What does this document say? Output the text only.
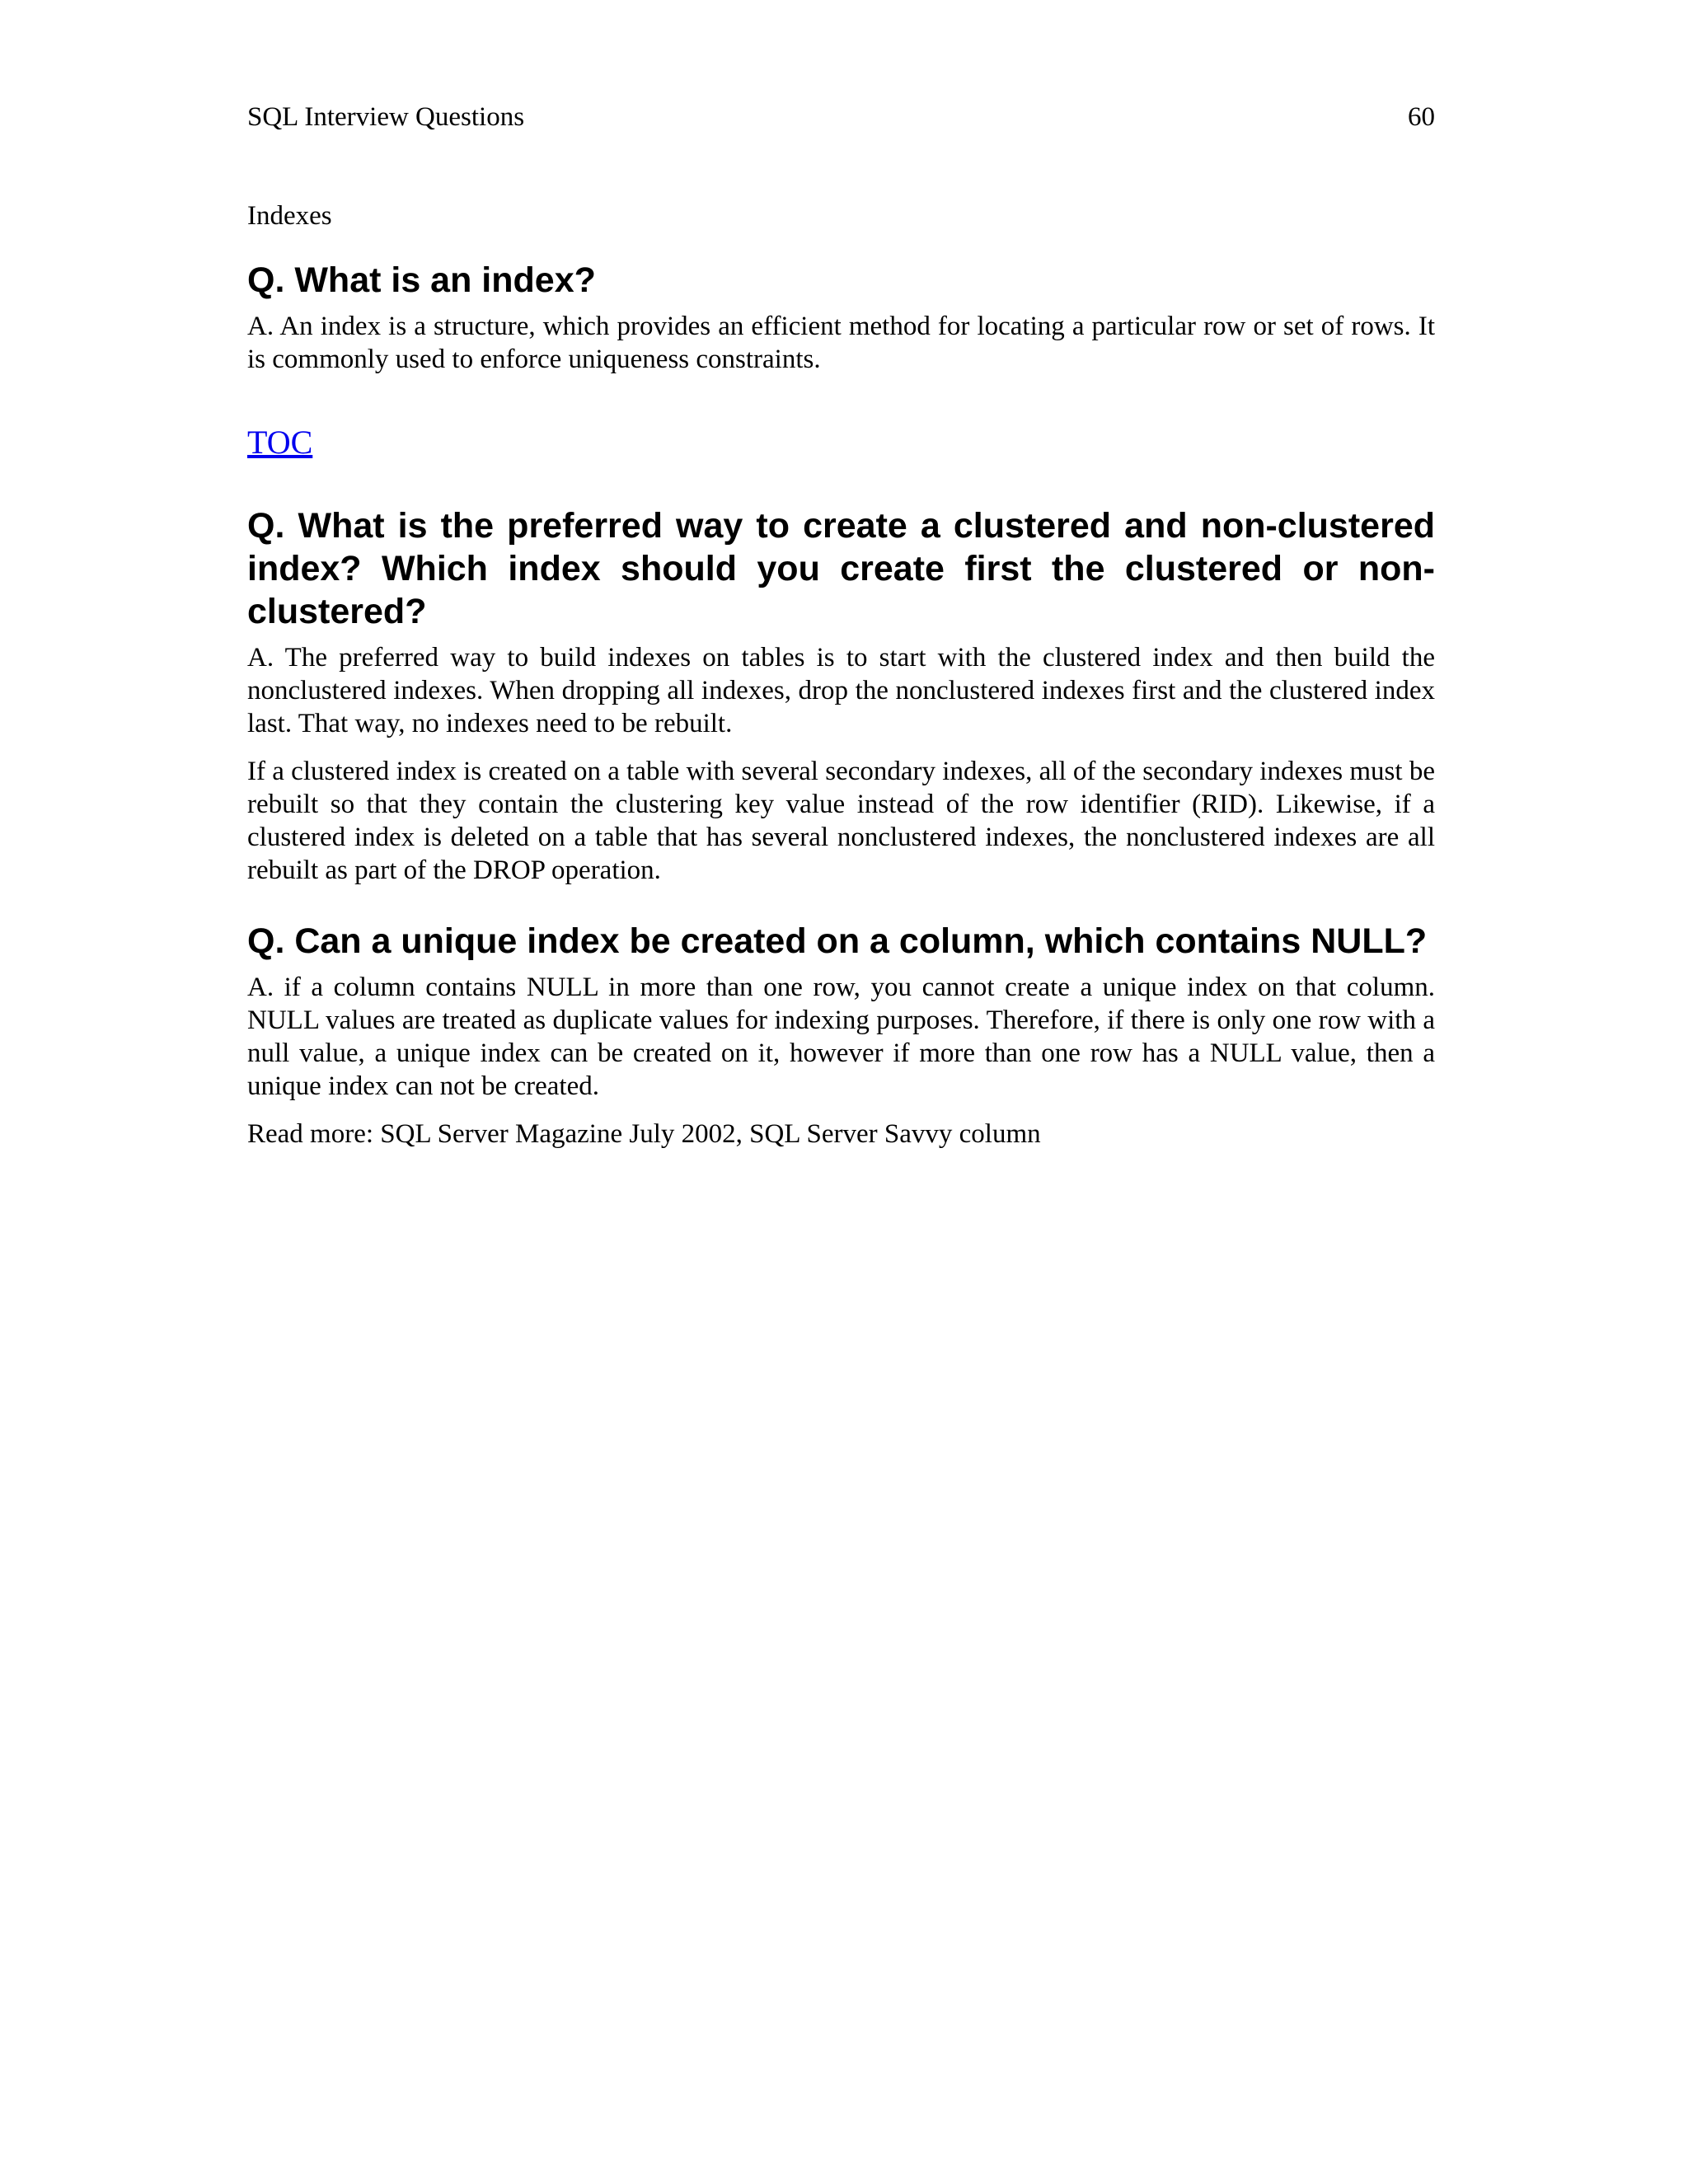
SQL Interview Questions	60
Indexes
Q. What is an index?

A. An index is a structure, which provides an efficient method for locating a particular row or set of rows. It is commonly used to enforce uniqueness constraints.

TOC
Q. What is the preferred way to create a clustered and non-clustered index? Which index should you create first the clustered or non-clustered?

A. The preferred way to build indexes on tables is to start with the clustered index and then build the nonclustered indexes. When dropping all indexes, drop the nonclustered indexes first and the clustered index last. That way, no indexes need to be rebuilt.

If a clustered index is created on a table with several secondary indexes, all of the secondary indexes must be rebuilt so that they contain the clustering key value instead of the row identifier (RID). Likewise, if a clustered index is deleted on a table that has several nonclustered indexes, the nonclustered indexes are all rebuilt as part of the DROP operation.

Q. Can a unique index be created on a column, which contains NULL?

A. if a column contains NULL in more than one row, you cannot create a unique index on that column. NULL values are treated as duplicate values for indexing purposes. Therefore, if there is only one row with a null value, a unique index can be created on it, however if more than one row has a NULL value, then a unique index can not be created.

Read more: SQL Server Magazine July 2002, SQL Server Savvy column
